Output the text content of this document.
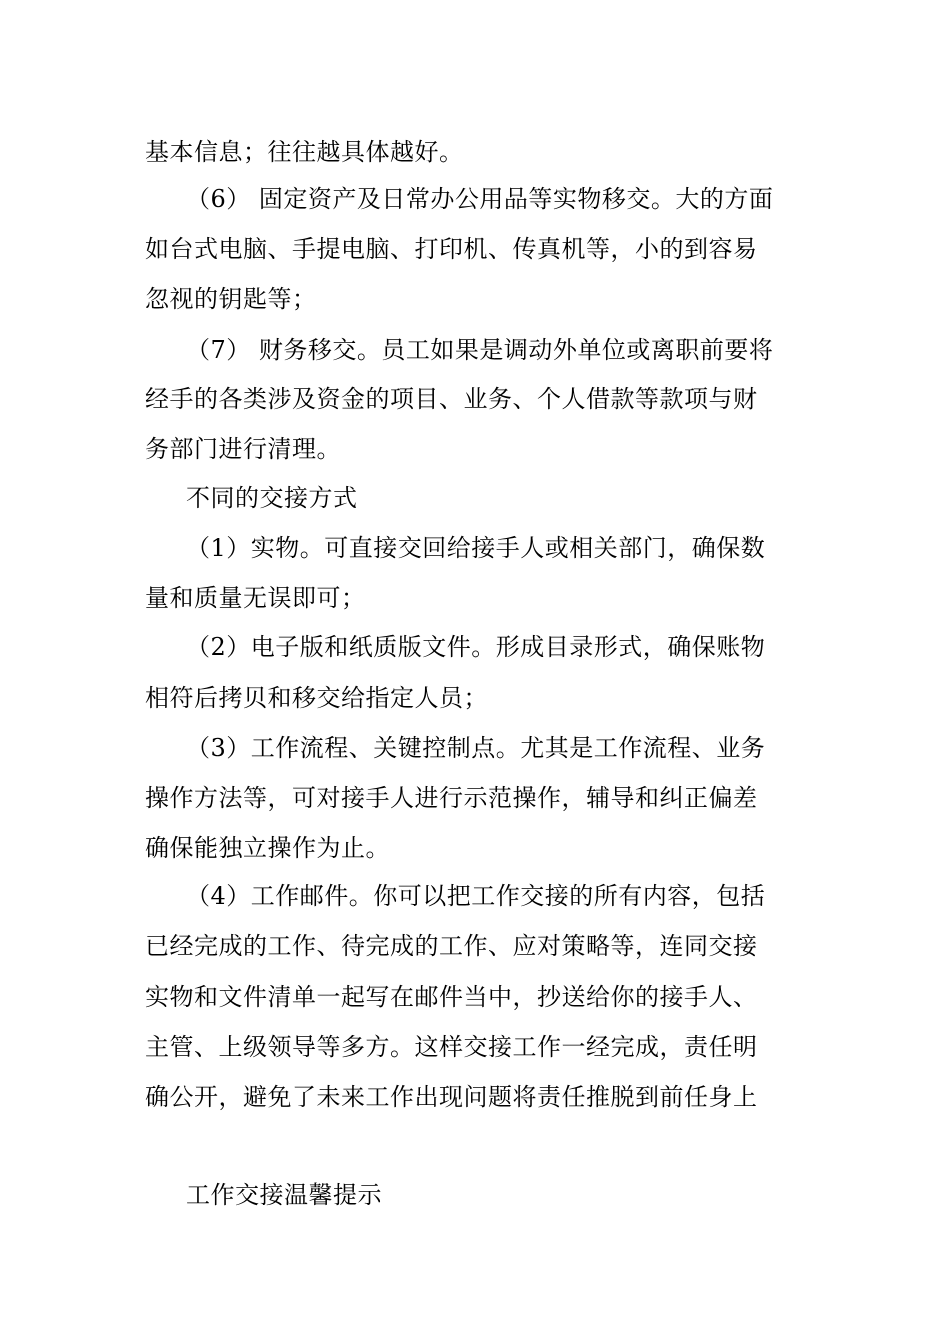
基本信息；往往越具体越好。
（6） 固定资产及日常办公用品等实物移交。大的方面
如台式电脑、手提电脑、打印机、传真机等，小的到容易
忽视的钥匙等；
（7） 财务移交。员工如果是调动外单位或离职前要将
经手的各类涉及资金的项目、业务、个人借款等款项与财
务部门进行清理。
不同的交接方式
（1）实物。可直接交回给接手人或相关部门，确保数
量和质量无误即可；
（2）电子版和纸质版文件。形成目录形式，确保账物
相符后拷贝和移交给指定人员；
（3）工作流程、关键控制点。尤其是工作流程、业务
操作方法等，可对接手人进行示范操作，辅导和纠正偏差
确保能独立操作为止。
（4）工作邮件。你可以把工作交接的所有内容，包括
已经完成的工作、待完成的工作、应对策略等，连同交接
实物和文件清单一起写在邮件当中，抄送给你的接手人、
主管、上级领导等多方。这样交接工作一经完成，责任明
确公开，避免了未来工作出现问题将责任推脱到前任身上
工作交接温馨提示
